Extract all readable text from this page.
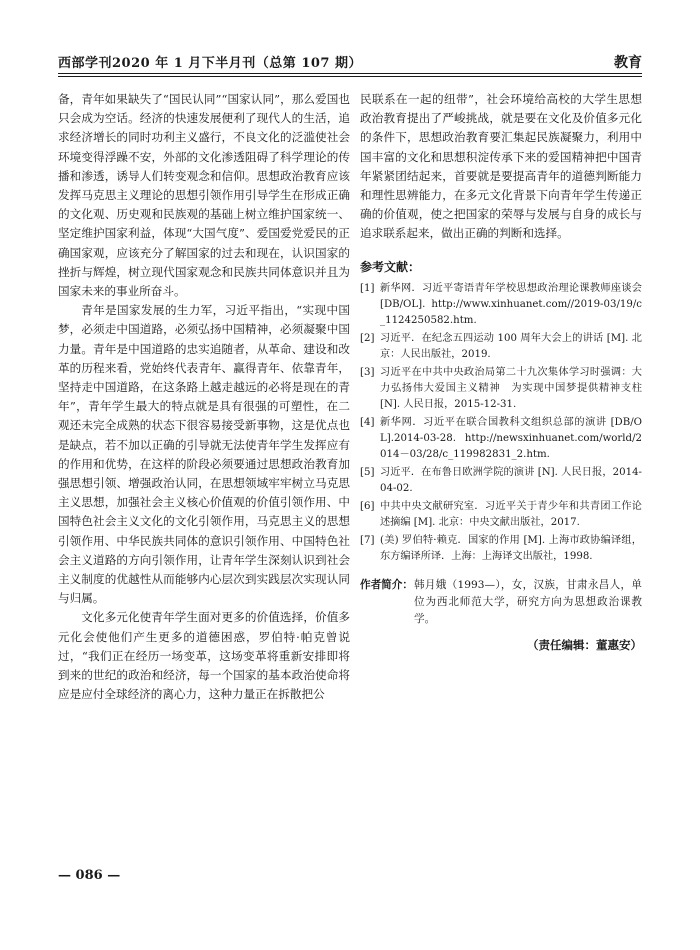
西部学刊2020 年 1 月下半月刊（总第 107 期）	教育

备，青年如果缺失了“国民认同”“国家认同”，那么爱国也只会成为空话。经济的快速发展便利了现代人的生活，追求经济增长的同时功利主义盛行，不良文化的泛滥使社会环境变得浮躁不安，外部的文化渗透阻碍了科学理论的传播和渗透，诱导人们转变观念和信仰。思想政治教育应该发挥马克思主义理论的思想引领作用引导学生在形成正确的文化观、历史观和民族观的基础上树立维护国家统一、坚定维护国家利益，体现“大国气度”、爱国爱党爱民的正确国家观，应该充分了解国家的过去和现在，认识国家的挫折与辉煌，树立现代国家观念和民族共同体意识并且为国家未来的事业所奋斗。

青年是国家发展的生力军，习近平指出，“实现中国梦，必须走中国道路，必须弘扬中国精神，必须凝聚中国力量。青年是中国道路的忠实追随者，从革命、建设和改革的历程来看，党始终代表青年、赢得青年、依靠青年，坚持走中国道路，在这条路上越走越远的必将是现在的青年”，青年学生最大的特点就是具有很强的可塑性，在二观还未完全成熟的状态下很容易接受新事物，这是优点也是缺点，若不加以正确的引导就无法使青年学生发挥应有的作用和优势，在这样的阶段必须要通过思想政治教育加强思想引领、增强政治认同，在思想领域牢牢树立马克思主义思想，加强社会主义核心价值观的价值引领作用、中国特色社会主义文化的文化引领作用，马克思主义的思想引领作用、中华民族共同体的意识引领作用、中国特色社会主义道路的方向引领作用，让青年学生深刻认识到社会主义制度的优越性从而能够内心层次到实践层次实现认同与归属。

文化多元化使青年学生面对更多的价值选择，价值多元化会使他们产生更多的道德困惑，罗伯特·帕克曾说过，“我们正在经历一场变革，这场变革将重新安排即将到来的世纪的政治和经济，每一个国家的基本政治使命将应是应付全球经济的离心力，这种力量正在拆散把公

民联系在一起的纽带”，社会环境给高校的大学生思想政治教育提出了严峻挑战，就是要在文化及价值多元化的条件下，思想政治教育要汇集起民族凝聚力，利用中国丰富的文化和思想积淀传承下来的爱国精神把中国青年紧紧团结起来，首要就是要提高青年的道德判断能力和理性思辨能力，在多元文化背景下向青年学生传递正确的价值观，使之把国家的荣辱与发展与自身的成长与追求联系起来，做出正确的判断和选择。

参考文献：
[1] 新华网．习近平寄语青年学校思想政治理论课教师座谈会[DB/OL]. http://www.xinhuanet.com//2019-03/19/c_1124250582.htm.
[2] 习近平．在纪念五四运动 100 周年大会上的讲话 [M]. 北京：人民出版社，2019.
[3] 习近平在中共中央政治局第二十九次集体学习时强调：大力弘扬伟大爱国主义精神　为实现中国梦提供精神支柱[N]. 人民日报，2015-12-31.
[4] 新华网．习近平在联合国教科文组织总部的演讲 [DB/OL].2014-03-28. http://newsxinhuanet.com/world/2014－03/28/c_119982831_2.htm.
[5] 习近平．在布鲁日欧洲学院的演讲 [N]. 人民日报，2014-04-02.
[6] 中共中央文献研究室．习近平关于青少年和共青团工作论述摘编 [M]. 北京：中央文献出版社，2017.
[7] (美) 罗伯特·赖克．国家的作用 [M]. 上海市政协编译组，东方编译所译．上海：上海译文出版社，1998.
作者简介： 韩月娥（1993—），女，汉族，甘肃永昌人，单位为西北师范大学，研究方向为思想政治课教学。
（责任编辑：董惠安）
— 086 —
